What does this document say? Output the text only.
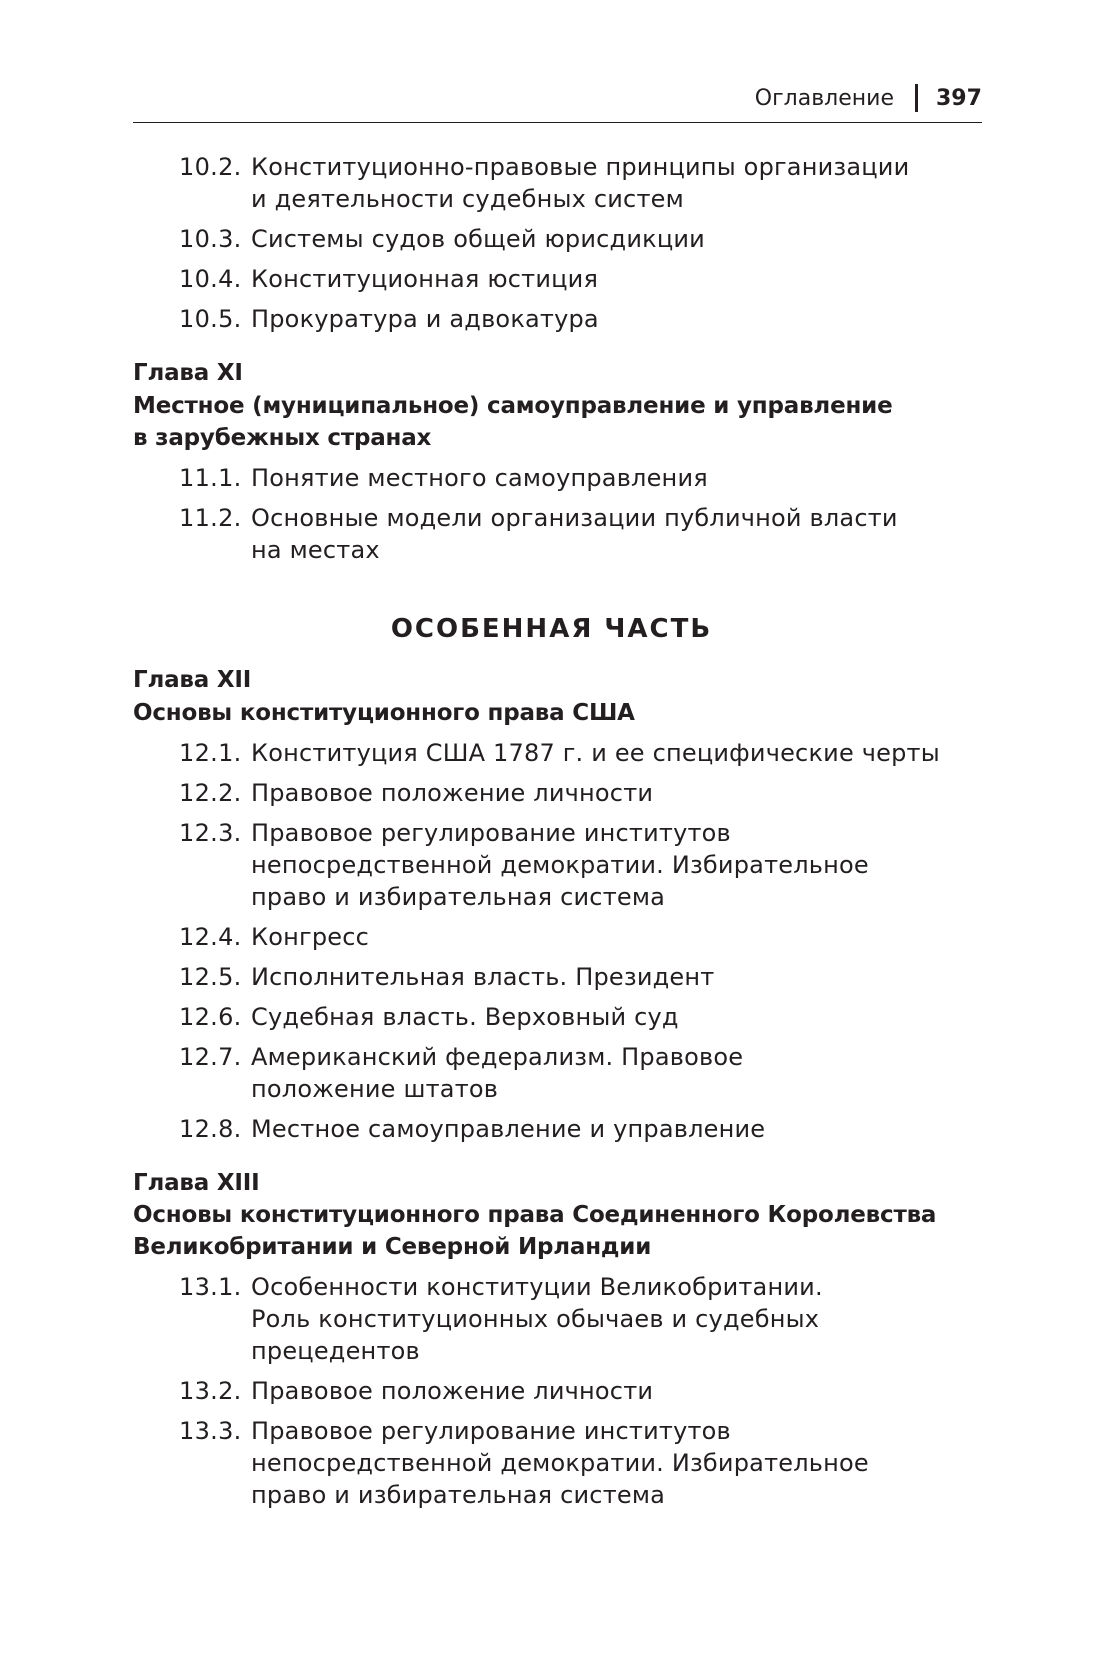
Оглавление 397
10.2. Конституционно-правовые принципы организации
и деятельности судебных систем
10.3. Системы судов общей юрисдикции
10.4. Конституционная юстиция
10.5. Прокуратура и адвокатура
Глава XI
Местное (муниципальное) самоуправление и управление
в зарубежных странах
11.1. Понятие местного самоуправления
11.2. Основные модели организации публичной власти
на местах
ОСОБЕННАЯ ЧАСТЬ
Глава XII
Основы конституционного права США
12.1. Конституция США 1787 г. и ее специфические черты
12.2. Правовое положение личности
12.3. Правовое регулирование институтов
непосредственной демократии. Избирательное
право и избирательная система
12.4. Конгресс
12.5. Исполнительная власть. Президент
12.6. Судебная власть. Верховный суд
12.7. Американский федерализм. Правовое
положение штатов
12.8. Местное самоуправление и управление
Глава XIII
Основы конституционного права Соединенного Королевства
Великобритании и Северной Ирландии
13.1. Особенности конституции Великобритании.
Роль конституционных обычаев и судебных
прецедентов
13.2. Правовое положение личности
13.3. Правовое регулирование институтов
непосредственной демократии. Избирательное
право и избирательная система
